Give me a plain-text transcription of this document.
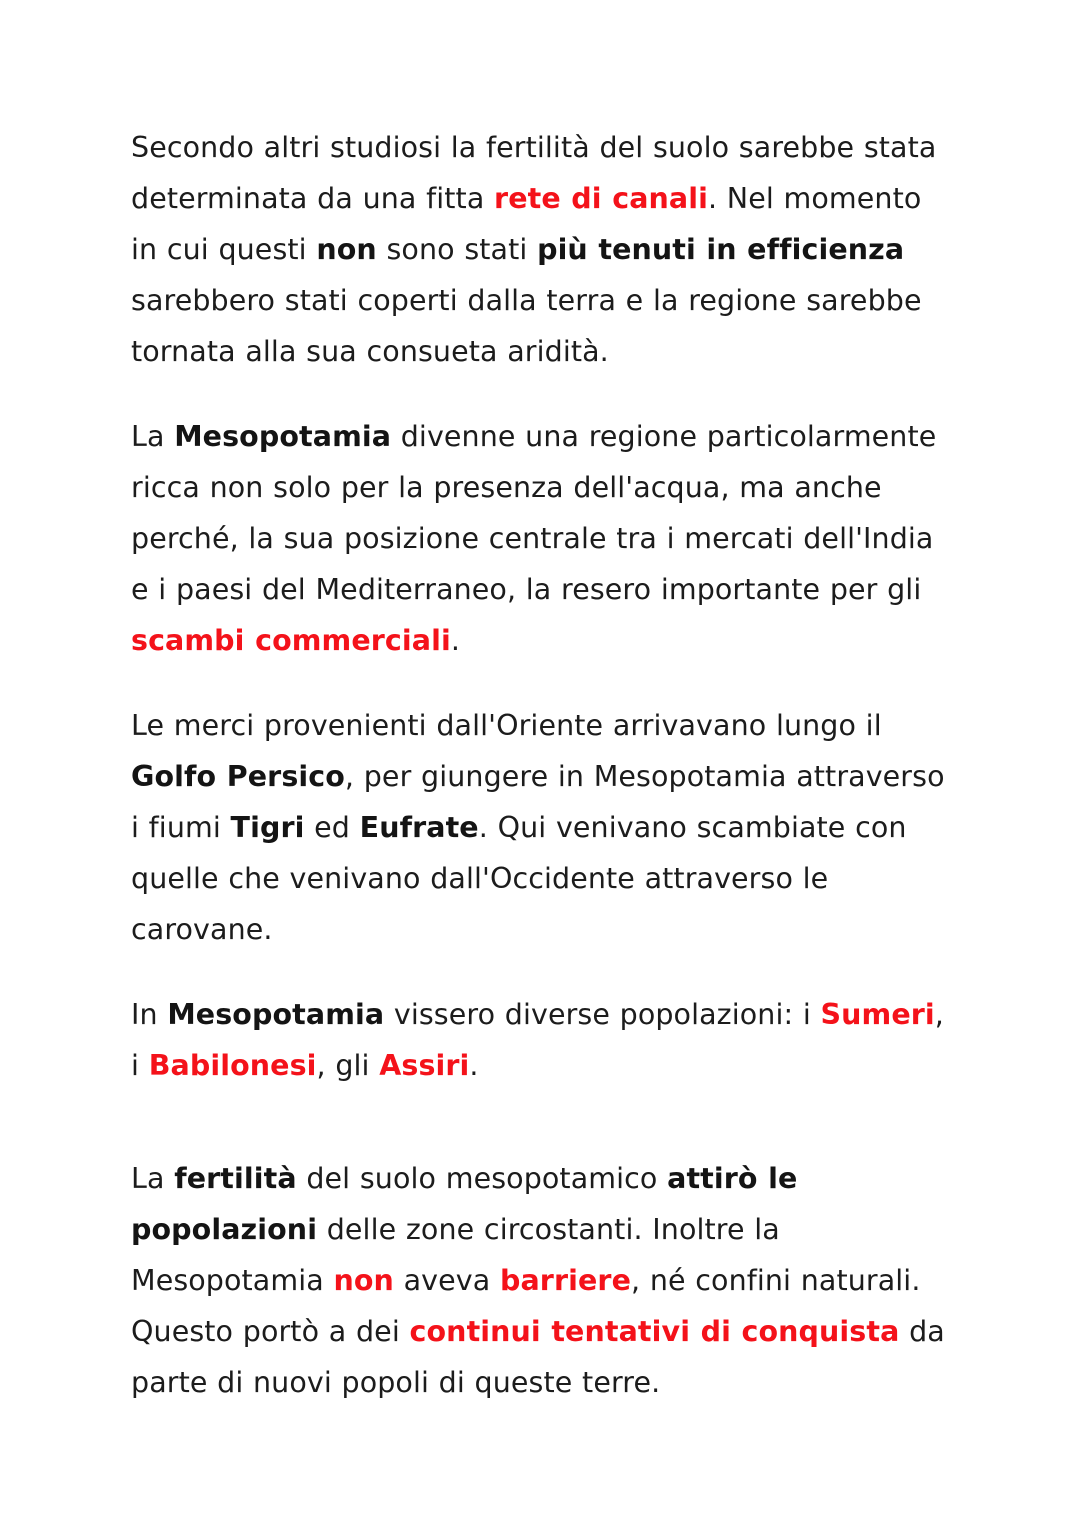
Secondo altri studiosi la fertilità del suolo sarebbe stata determinata da una fitta rete di canali. Nel momento in cui questi non sono stati più tenuti in efficienza sarebbero stati coperti dalla terra e la regione sarebbe tornata alla sua consueta aridità.

La Mesopotamia divenne una regione particolarmente ricca non solo per la presenza dell'acqua, ma anche perché, la sua posizione centrale tra i mercati dell'India e i paesi del Mediterraneo, la resero importante per gli scambi commerciali.

Le merci provenienti dall'Oriente arrivavano lungo il Golfo Persico, per giungere in Mesopotamia attraverso i fiumi Tigri ed Eufrate. Qui venivano scambiate con quelle che venivano dall'Occidente attraverso le carovane.

In Mesopotamia vissero diverse popolazioni: i Sumeri, i Babilonesi, gli Assiri.

La fertilità del suolo mesopotamico attirò le popolazioni delle zone circostanti. Inoltre la Mesopotamia non aveva barriere, né confini naturali. Questo portò a dei continui tentativi di conquista da parte di nuovi popoli di queste terre.
